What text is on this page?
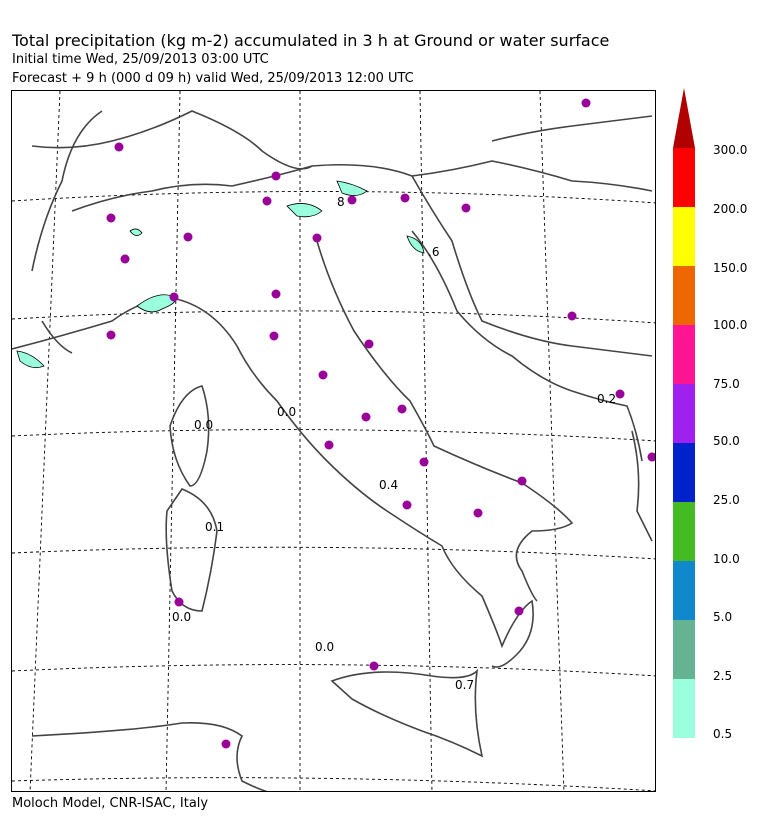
Total precipitation (kg m-2) accumulated in 3 h at Ground or water surface
Initial time Wed, 25/09/2013 03:00 UTC
Forecast + 9 h (000 d 09 h) valid Wed, 25/09/2013 12:00 UTC
0.0
0.0
0.1
0.0
0.4
0.0
0.7
0.2
.6
8
300.0
200.0
150.0
100.0
75.0
50.0
25.0
10.0
5.0
2.5
0.5
Moloch Model, CNR-ISAC, Italy
